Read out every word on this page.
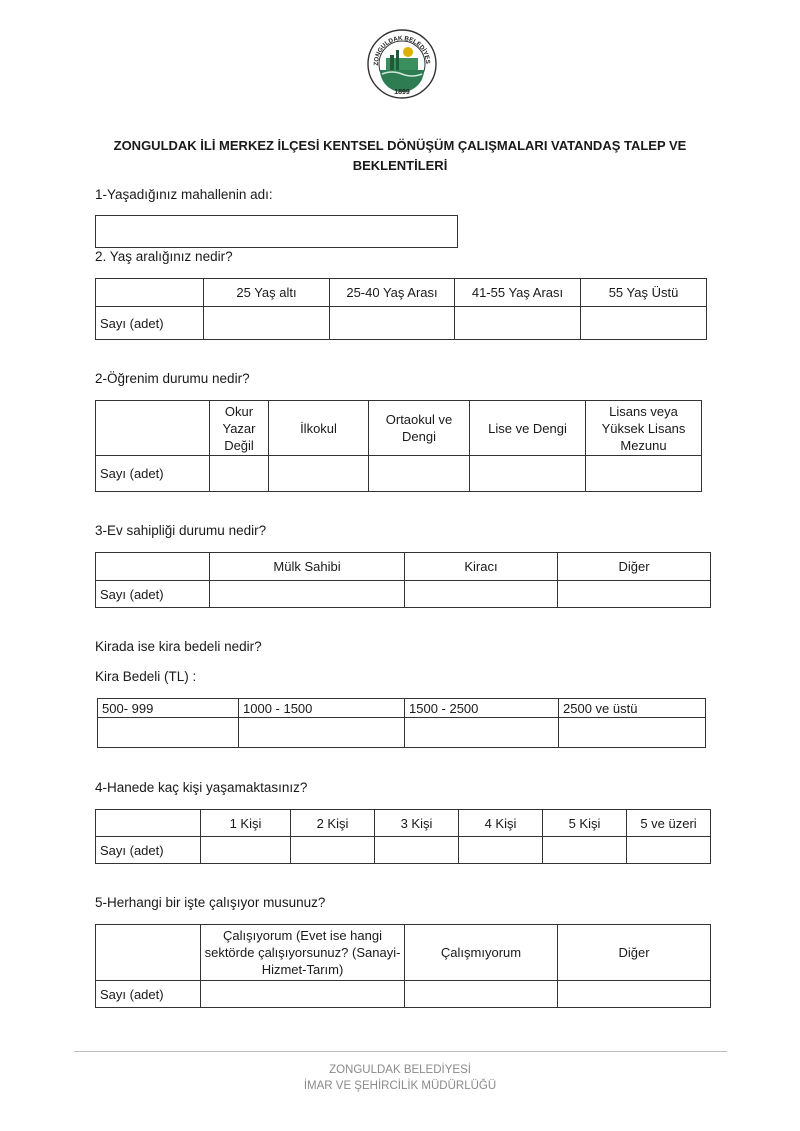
ZONGULDAK BELEDİYES
1899
ZONGULDAK İLİ MERKEZ İLÇESİ KENTSEL DÖNÜŞÜM ÇALIŞMALARI VATANDAŞ TALEP VE
BEKLENTİLERİ
1-Yaşadığınız mahallenin adı:
2. Yaş aralığınız nedir?
	25 Yaş altı	25-40 Yaş Arası	41-55 Yaş Arası	55 Yaş Üstü
Sayı (adet)				
2-Öğrenim durumu nedir?
	Okur Yazar Değil	İlkokul	Ortaokul ve Dengi	Lise ve Dengi	Lisans veya Yüksek Lisans Mezunu
Sayı (adet)					
3-Ev sahipliği durumu nedir?
	Mülk Sahibi	Kiracı	Diğer
Sayı (adet)			
Kirada ise kira bedeli nedir?
Kira Bedeli (TL) :
500- 999	1000 - 1500	1500 - 2500	2500 ve üstü

4-Hanede kaç kişi yaşamaktasınız?
	1 Kişi	2 Kişi	3 Kişi	4 Kişi	5 Kişi	5 ve üzeri
Sayı (adet)						
5-Herhangi bir işte çalışıyor musunuz?
	Çalışıyorum (Evet ise hangi sektörde çalışıyorsunuz? (Sanayi-Hizmet-Tarım)	Çalışmıyorum	Diğer
Sayı (adet)			
ZONGULDAK BELEDİYESİ
İMAR VE ŞEHİRCİLİK MÜDÜRLÜĞÜ
